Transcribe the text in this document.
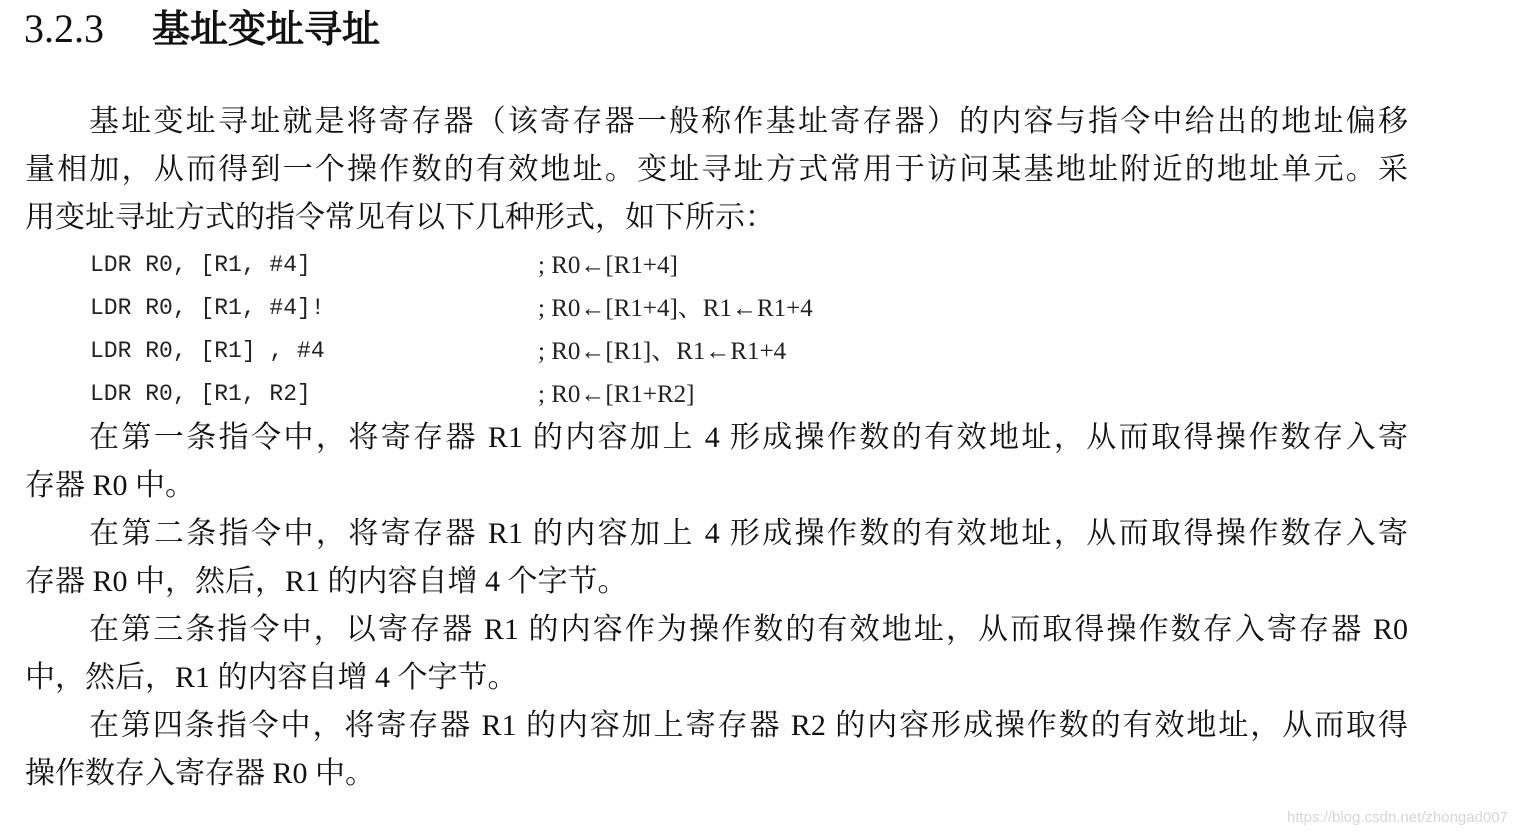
3.2.3 基址变址寻址
基址变址寻址就是将寄存器（该寄存器一般称作基址寄存器）的内容与指令中给出的地址偏移
量相加，从而得到一个操作数的有效地址。变址寻址方式常用于访问某基地址附近的地址单元。采
用变址寻址方式的指令常见有以下几种形式，如下所示：
LDR R0, [R1, #4]	; R0←[R1+4]
LDR R0, [R1, #4]!	; R0←[R1+4]、R1←R1+4
LDR R0, [R1] , #4	; R0←[R1]、R1←R1+4
LDR R0, [R1, R2]	; R0←[R1+R2]
在第一条指令中，将寄存器 R1 的内容加上 4 形成操作数的有效地址，从而取得操作数存入寄
存器 R0 中。
在第二条指令中，将寄存器 R1 的内容加上 4 形成操作数的有效地址，从而取得操作数存入寄
存器 R0 中，然后，R1 的内容自增 4 个字节。
在第三条指令中，以寄存器 R1 的内容作为操作数的有效地址，从而取得操作数存入寄存器 R0
中，然后，R1 的内容自增 4 个字节。
在第四条指令中，将寄存器 R1 的内容加上寄存器 R2 的内容形成操作数的有效地址，从而取得
操作数存入寄存器 R0 中。
https://blog.csdn.net/zhongad007
